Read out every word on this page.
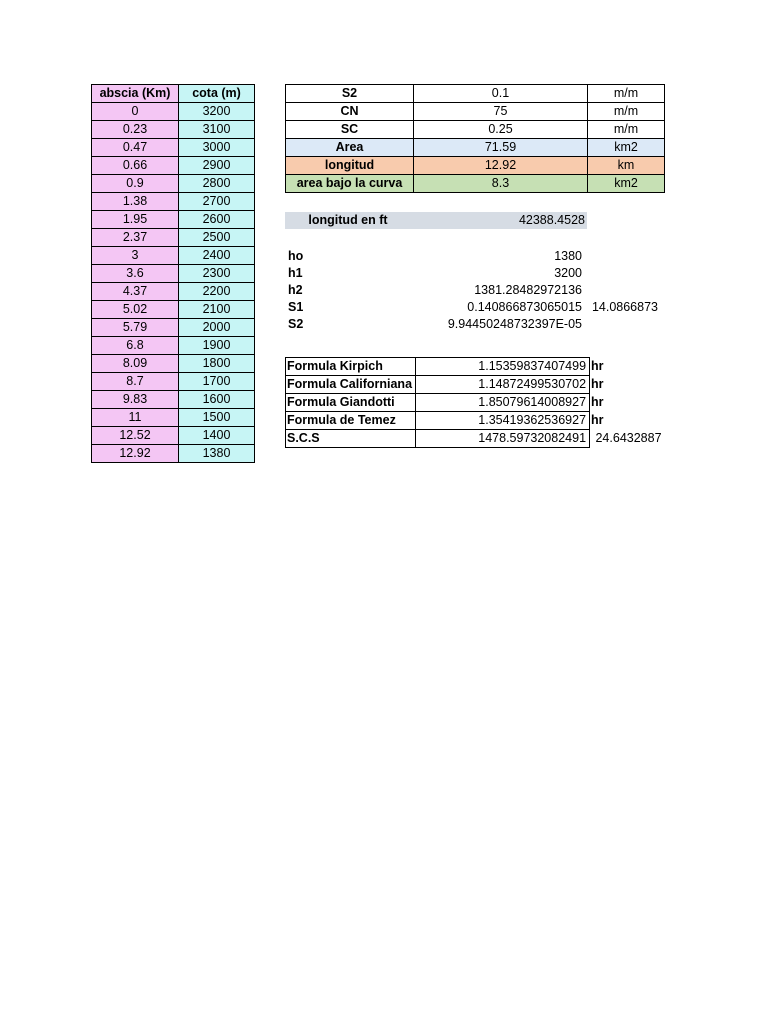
abscia (Km)	cota (m)
0	3200
0.23	3100
0.47	3000
0.66	2900
0.9	2800
1.38	2700
1.95	2600
2.37	2500
3	2400
3.6	2300
4.37	2200
5.02	2100
5.79	2000
6.8	1900
8.09	1800
8.7	1700
9.83	1600
11	1500
12.52	1400
12.92	1380
S2	0.1	m/m
CN	75	m/m
SC	0.25	m/m
Area	71.59	km2
longitud	12.92	km
area bajo la curva	8.3	km2
longitud en ft	42388.4528
ho	1380	
h1	3200	
h2	1381.28482972136	
S1	0.140866873065015	14.0866873
S2	9.94450248732397E-05	
Formula Kirpich	1.15359837407499	hr
Formula Californiana	1.14872499530702	hr
Formula Giandotti	1.85079614008927	hr
Formula de Temez	1.35419362536927	hr
S.C.S	1478.59732082491	24.6432887
